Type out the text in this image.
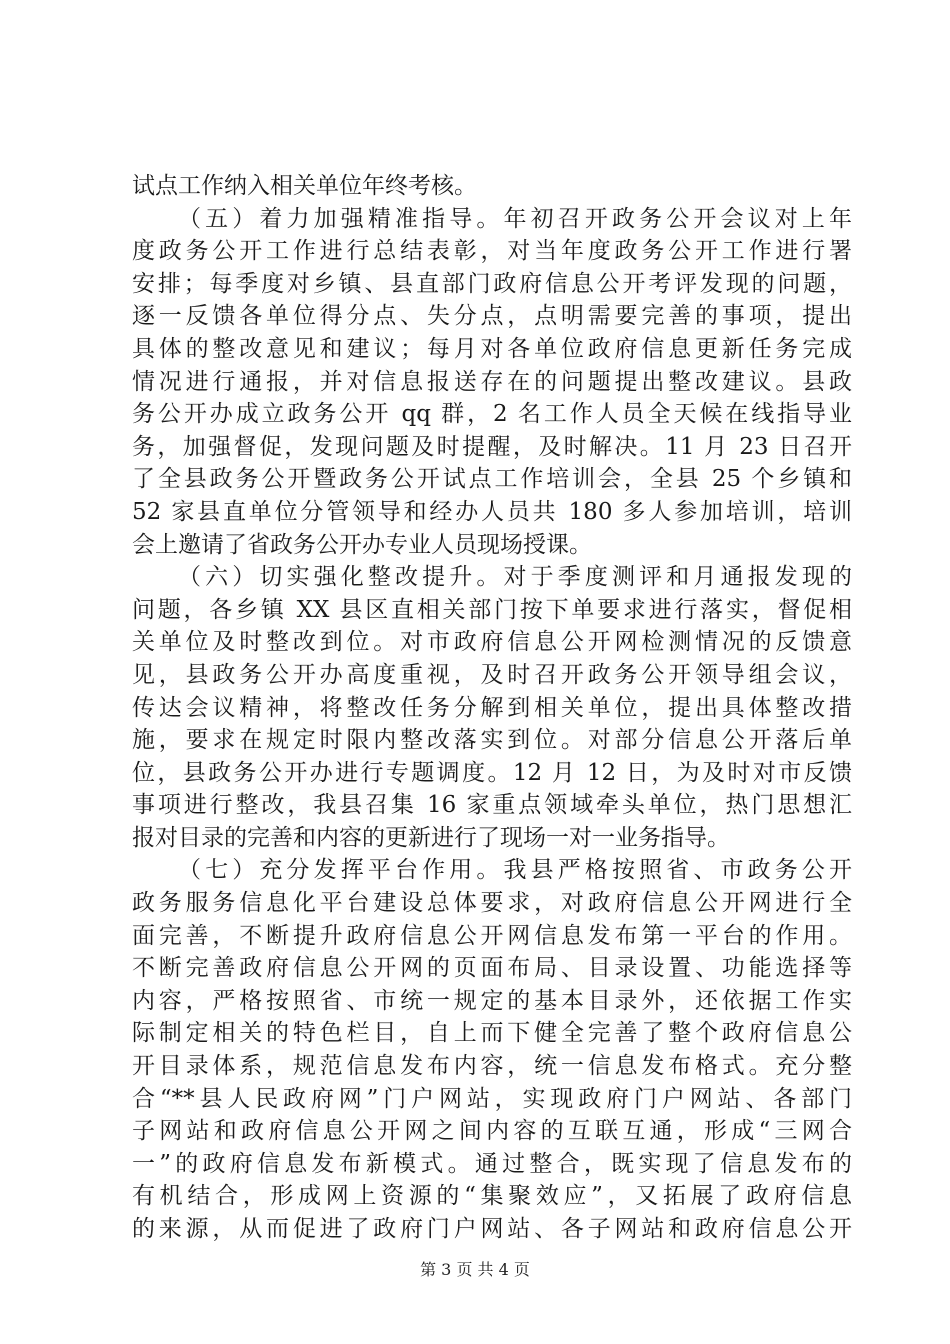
试点工作纳入相关单位年终考核。
（五）着力加强精准指导。年初召开政务公开会议对上年
度政务公开工作进行总结表彰，对当年度政务公开工作进行署
安排；每季度对乡镇、县直部门政府信息公开考评发现的问题，
逐一反馈各单位得分点、失分点，点明需要完善的事项，提出
具体的整改意见和建议；每月对各单位政府信息更新任务完成
情况进行通报，并对信息报送存在的问题提出整改建议。县政
务公开办成立政务公开 qq 群，2 名工作人员全天候在线指导业
务，加强督促，发现问题及时提醒，及时解决。11 月 23 日召开
了全县政务公开暨政务公开试点工作培训会，全县 25 个乡镇和
52 家县直单位分管领导和经办人员共 180 多人参加培训，培训
会上邀请了省政务公开办专业人员现场授课。
（六）切实强化整改提升。对于季度测评和月通报发现的
问题，各乡镇 XX 县区直相关部门按下单要求进行落实，督促相
关单位及时整改到位。对市政府信息公开网检测情况的反馈意
见，县政务公开办高度重视，及时召开政务公开领导组会议，
传达会议精神，将整改任务分解到相关单位，提出具体整改措
施，要求在规定时限内整改落实到位。对部分信息公开落后单
位，县政务公开办进行专题调度。12 月 12 日，为及时对市反馈
事项进行整改，我县召集 16 家重点领域牵头单位，热门思想汇
报对目录的完善和内容的更新进行了现场一对一业务指导。
（七）充分发挥平台作用。我县严格按照省、市政务公开
政务服务信息化平台建设总体要求，对政府信息公开网进行全
面完善，不断提升政府信息公开网信息发布第一平台的作用。
不断完善政府信息公开网的页面布局、目录设置、功能选择等
内容，严格按照省、市统一规定的基本目录外，还依据工作实
际制定相关的特色栏目，自上而下健全完善了整个政府信息公
开目录体系，规范信息发布内容，统一信息发布格式。充分整
合“**县人民政府网”门户网站，实现政府门户网站、各部门
子网站和政府信息公开网之间内容的互联互通，形成“三网合
一”的政府信息发布新模式。通过整合，既实现了信息发布的
有机结合，形成网上资源的“集聚效应”，又拓展了政府信息
的来源，从而促进了政府门户网站、各子网站和政府信息公开
第 3 页 共 4 页
